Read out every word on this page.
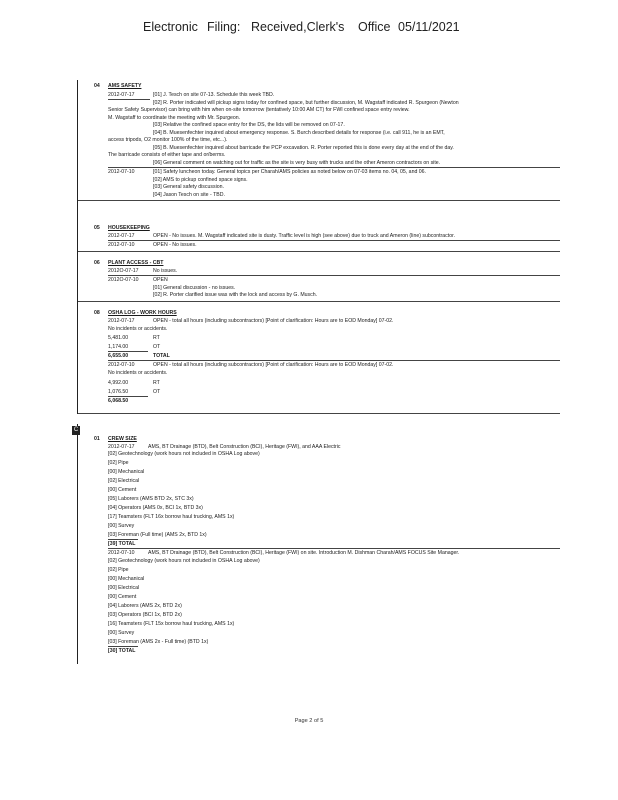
Electronic Filing: Received,Clerk's Office 05/11/2021
04 AMS SAFETY
2012-07-17	[01] J. Tesch on site 07-13. Schedule this week TBD.
[02] R. Porter indicated will pickup signs today for confined space, but further discussion, M. Wagstaff indicated R. Spurgeon (Newton
Senior Safety Supervisor) can bring with him when on-site tomorrow (tentatively 10:00 AM CT) for FWI confined space entry review.
M. Wagstaff to coordinate the meeting with Mr. Spurgeon.
[03] Relative the confined space entry for the DS, the lids will be removed on 07-17.
[04] B. Muesenfechter inquired about emergency response. S. Burch described details for response (i.e. call 911, he is an EMT,
access tripods, O2 monitor 100% of the time, etc...).
[05] B. Muesenfechter inquired about barricade the PCP excavation. R. Porter reported this is done every day at the end of the day.
The barricade consists of either tape and or/berms.
[06] General comment on watching out for traffic as the site is very busy with trucks and the other Ameron contractors on site.
2012-07-10	[01] Safety luncheon today. General topics per Charah/AMS policies as noted below on 07-03 items no. 04, 05, and 06.
[02] AMS to pickup confined space signs.
[03] General safety discussion.
[04] Jason Tesch on site - TBD.
05 HOUSEKEEPING
2012-07-17	OPEN - No issues. M. Wagstaff indicated site is dusty. Traffic level is high (see above) due to truck and Ameron (line) subcontractor.
2012-07-10	OPEN - No issues.
06 PLANT ACCESS - CBT
2012O-07-17	No issues.
2012O-07-10	OPEN
[01] General discussion - no issues.
[02] R. Porter clarified issue was with the lock and access by G. Musch.
08 OSHA LOG - WORK HOURS
2012-07-17	OPEN - total all hours (including subcontractors) [Point of clarification: Hours are to EOD Monday] 07-02.
No incidents or accidents.
5,481.00	RT
1,174.00	OT
6,655.00	TOTAL
2012-07-10	OPEN - total all hours (including subcontractors) [Point of clarification: Hours are to EOD Monday] 07-02.
No incidents or accidents.
4,992.00	RT
1,076.50	OT
6,068.50
C
01 CREW SIZE
2012-07-17	AMS, BT Drainage (BTD), Belt Construction (BCI), Heritage (FWI), and AAA Electric
[02] Geotechnology (work hours not included in OSHA Log above)
[02] Pipe
[00] Mechanical
[02] Electrical
[00] Cement
[05] Laborers (AMS BTD 2x, STC 3x)
[04] Operators (AMS 0x, BCI 1x, BTD 3x)
[17] Teamsters (FLT 16x borrow haul trucking, AMS 1x)
[00] Survey
[03] Foreman (Full time) (AMS 2x, BTD 1x)
[39] TOTAL
2012-07-10	AMS, BT Drainage (BTD), Belt Construction (BCI), Heritage (FWI) on site. Introduction M. Dishman Charah/AMS FOCUS Site Manager.
[02] Geotechnology (work hours not included in OSHA Log above)
[02] Pipe
[00] Mechanical
[00] Electrical
[00] Cement
[04] Laborers (AMS 2x, BTD 2x)
[03] Operators (BCI 1x, BTD 2x)
[16] Teamsters (FLT 15x borrow haul trucking, AMS 1x)
[00] Survey
[03] Foreman (AMS 2x - Full time) (BTD 1x)
[30] TOTAL
Page 2 of 5
